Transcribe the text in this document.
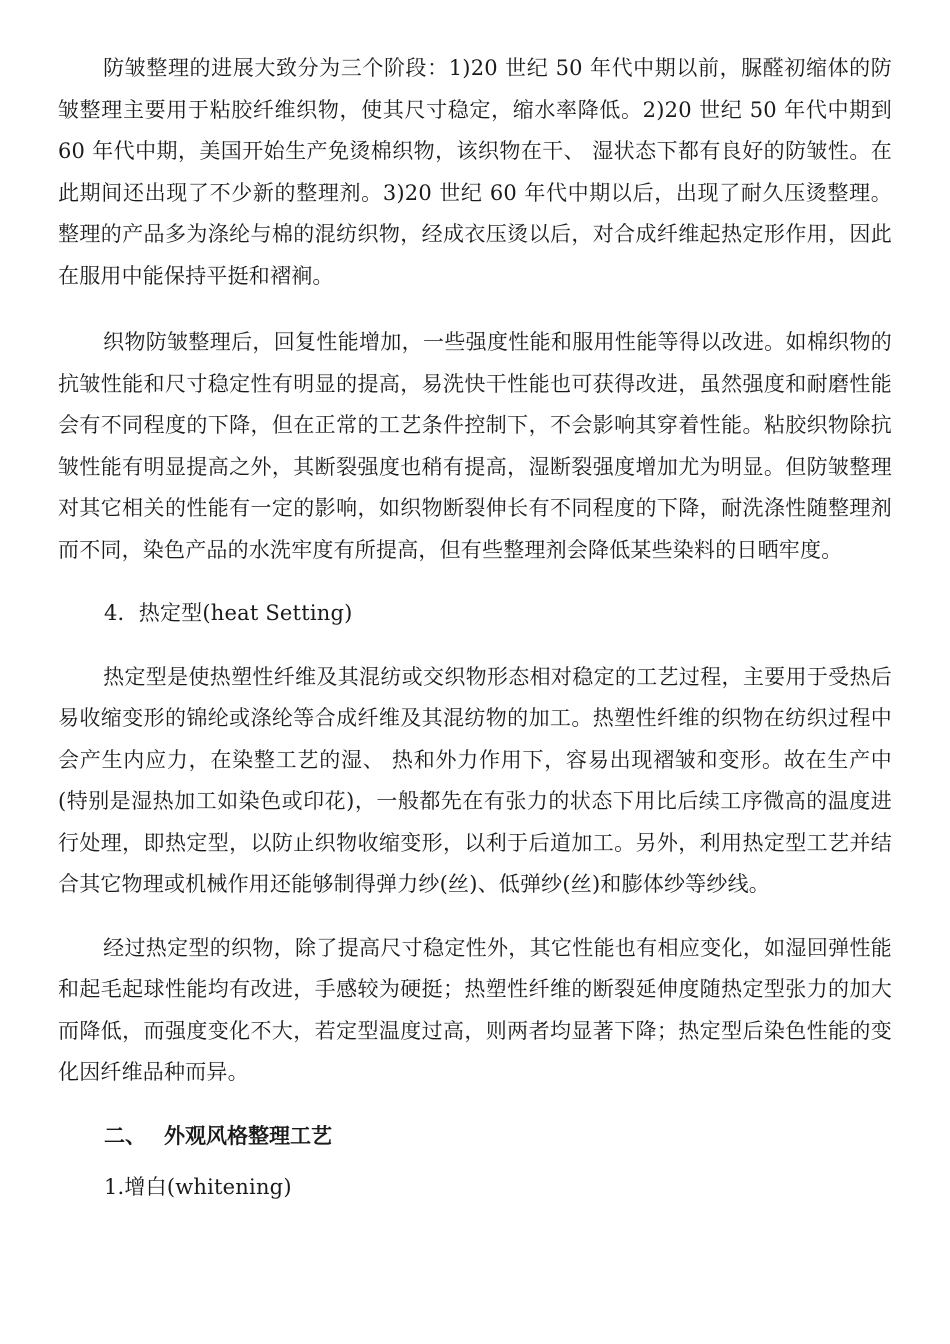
防皱整理的进展大致分为三个阶段：1)20 世纪 50 年代中期以前，脲醛初缩体的防皱整理主要用于粘胶纤维织物，使其尺寸稳定，缩水率降低。2)20 世纪 50 年代中期到 60 年代中期，美国开始生产免烫棉织物，该织物在干、 湿状态下都有良好的防皱性。在此期间还出现了不少新的整理剂。3)20 世纪 60 年代中期以后，出现了耐久压烫整理。整理的产品多为涤纶与棉的混纺织物，经成衣压烫以后，对合成纤维起热定形作用，因此在服用中能保持平挺和褶裥。

织物防皱整理后，回复性能增加，一些强度性能和服用性能等得以改进。如棉织物的抗皱性能和尺寸稳定性有明显的提高，易洗快干性能也可获得改进，虽然强度和耐磨性能会有不同程度的下降，但在正常的工艺条件控制下，不会影响其穿着性能。粘胶织物除抗皱性能有明显提高之外，其断裂强度也稍有提高，湿断裂强度增加尤为明显。但防皱整理对其它相关的性能有一定的影响，如织物断裂伸长有不同程度的下降，耐洗涤性随整理剂而不同，染色产品的水洗牢度有所提高，但有些整理剂会降低某些染料的日晒牢度。

4．热定型(heat Setting)

热定型是使热塑性纤维及其混纺或交织物形态相对稳定的工艺过程，主要用于受热后易收缩变形的锦纶或涤纶等合成纤维及其混纺物的加工。热塑性纤维的织物在纺织过程中会产生内应力，在染整工艺的湿、 热和外力作用下，容易出现褶皱和变形。故在生产中(特别是湿热加工如染色或印花)，一般都先在有张力的状态下用比后续工序微高的温度进行处理，即热定型，以防止织物收缩变形，以利于后道加工。另外，利用热定型工艺并结合其它物理或机械作用还能够制得弹力纱(丝)、低弹纱(丝)和膨体纱等纱线。

经过热定型的织物，除了提高尺寸稳定性外，其它性能也有相应变化，如湿回弹性能和起毛起球性能均有改进，手感较为硬挺；热塑性纤维的断裂延伸度随热定型张力的加大而降低，而强度变化不大，若定型温度过高，则两者均显著下降；热定型后染色性能的变化因纤维品种而异。

二、 外观风格整理工艺

1.增白(whitening)
